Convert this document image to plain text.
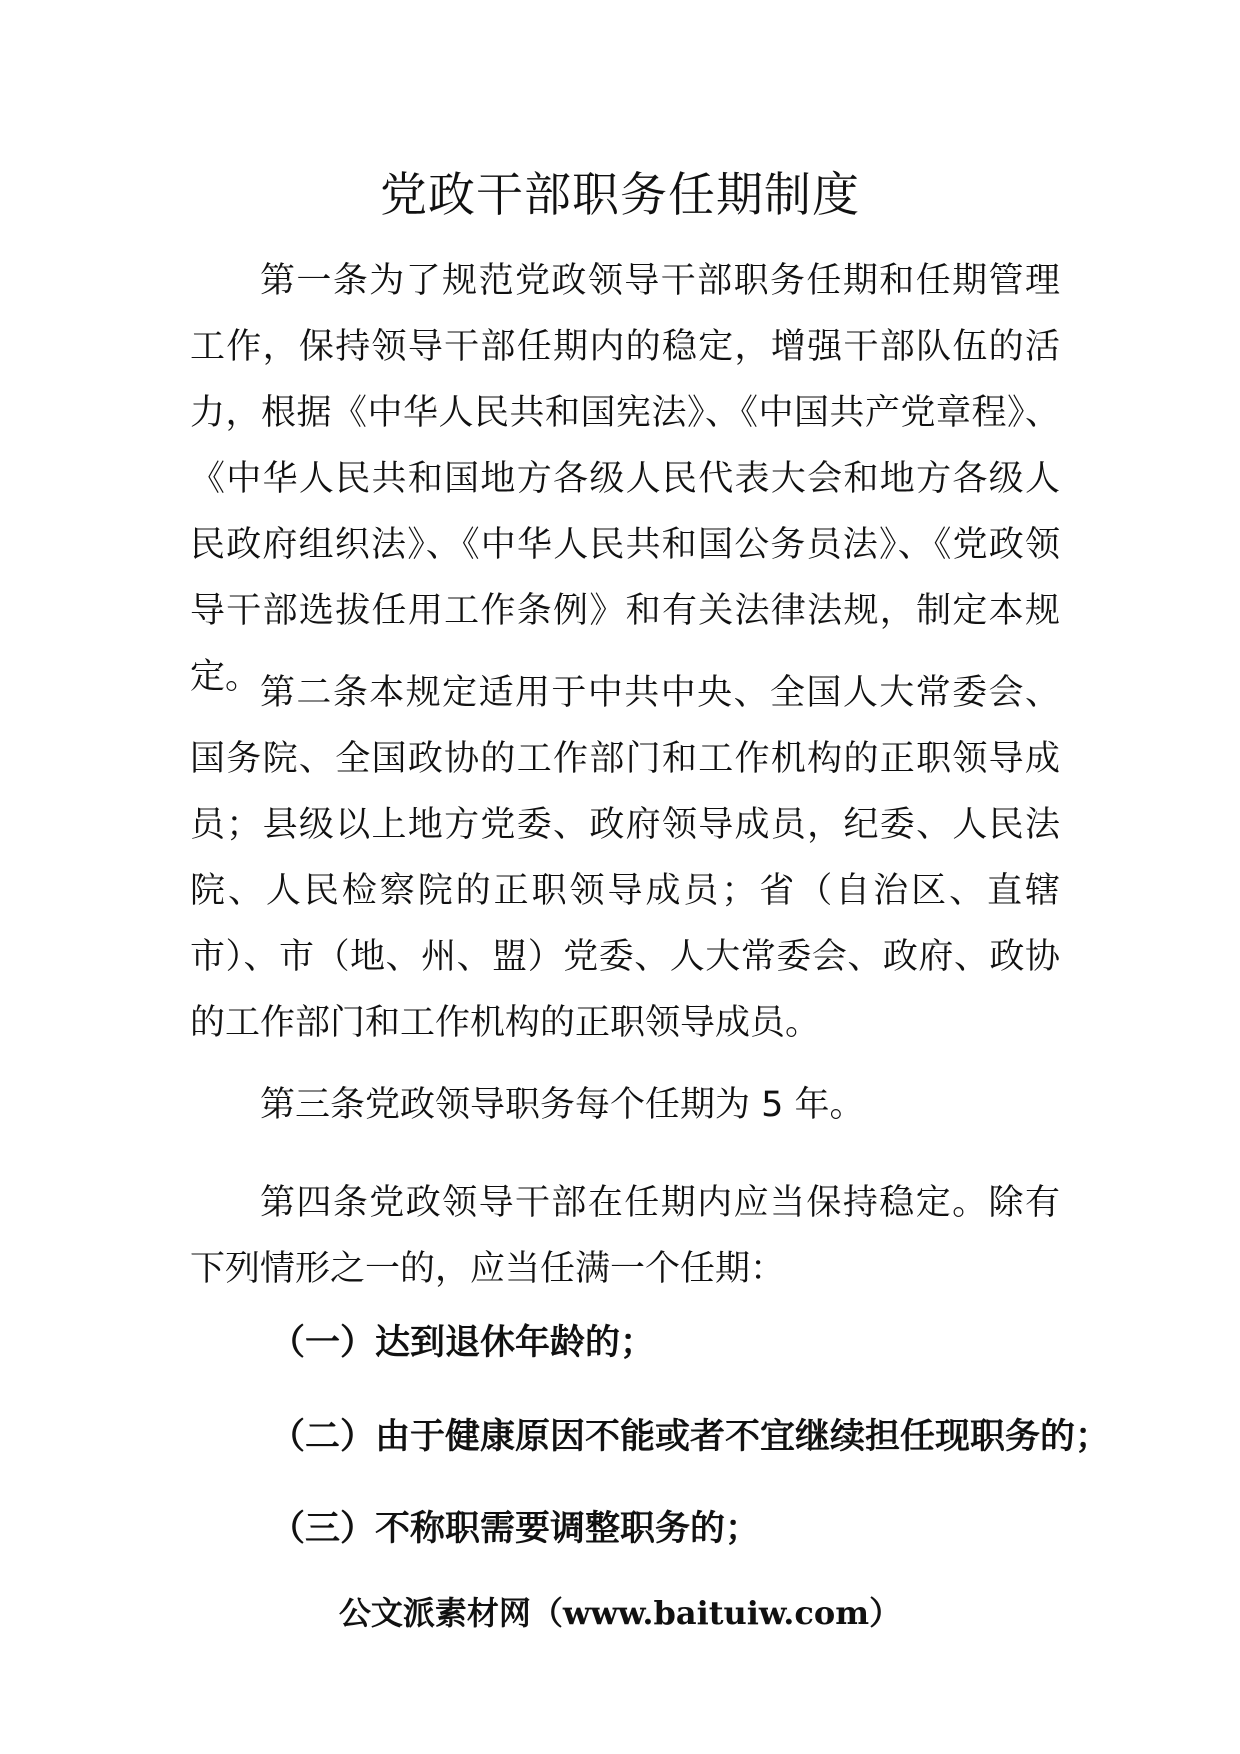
党政干部职务任期制度
第一条为了规范党政领导干部职务任期和任期管理工作，保持领导干部任期内的稳定，增强干部队伍的活力，根据《中华人民共和国宪法》、《中国共产党章程》、《中华人民共和国地方各级人民代表大会和地方各级人民政府组织法》、《中华人民共和国公务员法》、《党政领导干部选拔任用工作条例》和有关法律法规，制定本规定。 第二条本规定适用于中共中央、全国人大常委会、国务院、全国政协的工作部门和工作机构的正职领导成员；县级以上地方党委、政府领导成员，纪委、人民法院、人民检察院的正职领导成员；省（自治区、直辖市）、市（地、州、盟）党委、人大常委会、政府、政协的工作部门和工作机构的正职领导成员。
第三条党政领导职务每个任期为 5 年。
第四条党政领导干部在任期内应当保持稳定。除有下列情形之一的，应当任满一个任期：
（一）达到退休年龄的；
（二）由于健康原因不能或者不宜继续担任现职务的；
（三）不称职需要调整职务的；
公文派素材网（www.baituiw.com）
